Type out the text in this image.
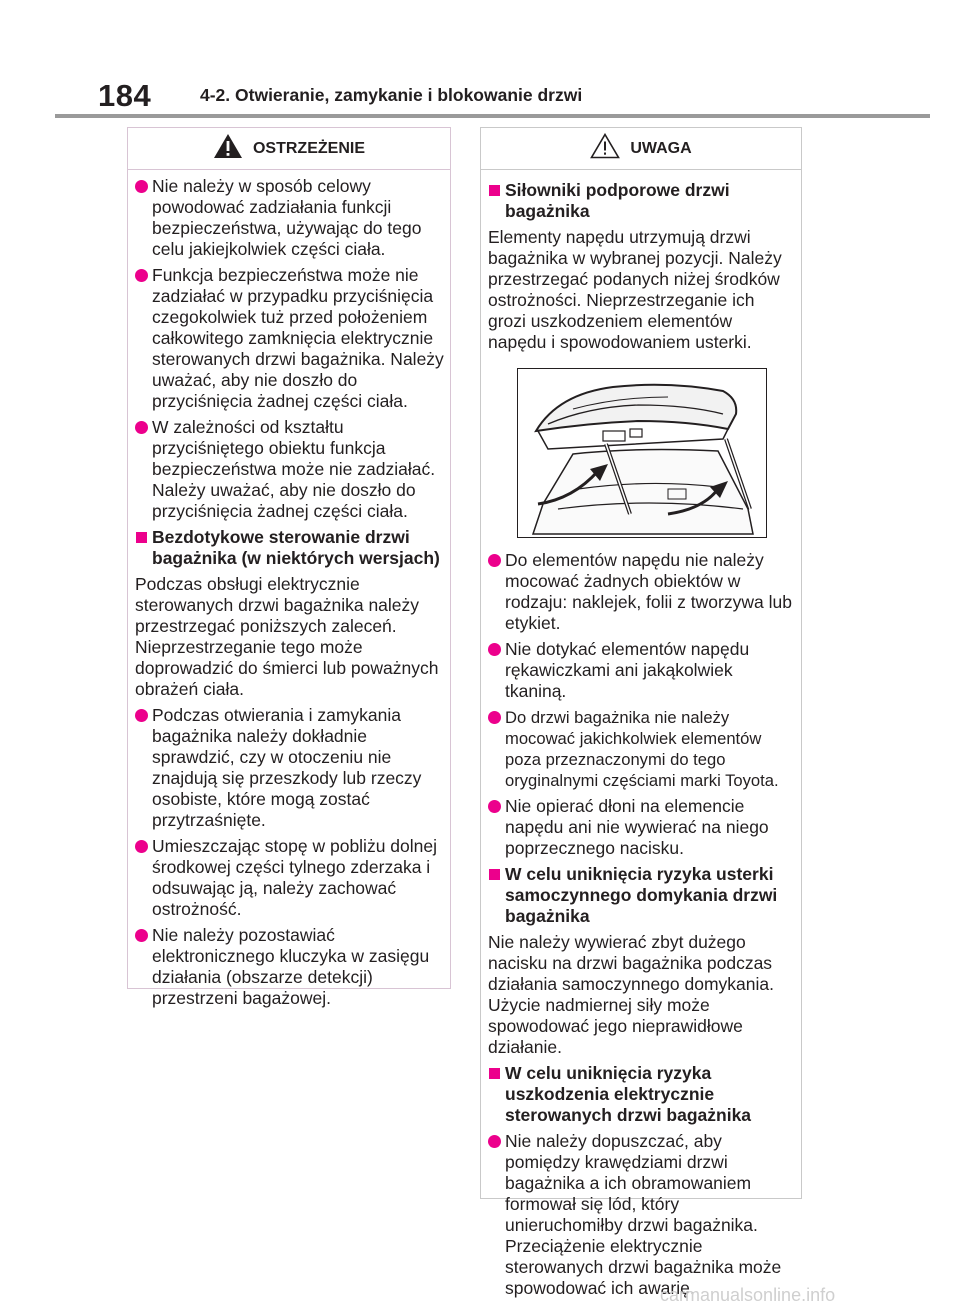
184	4-2. Otwieranie, zamykanie i blokowanie drzwi
OSTRZEŻENIE
Nie należy w sposób celowy powodować zadziałania funkcji bezpieczeństwa, używając do tego celu jakiejkolwiek części ciała.
Funkcja bezpieczeństwa może nie zadziałać w przypadku przyciśnięcia czegokolwiek tuż przed położeniem całkowitego zamknięcia elektrycznie sterowanych drzwi bagażnika. Należy uważać, aby nie doszło do przyciśnięcia żadnej części ciała.
W zależności od kształtu przyciśniętego obiektu funkcja bezpieczeństwa może nie zadziałać. Należy uważać, aby nie doszło do przyciśnięcia żadnej części ciała.
Bezdotykowe sterowanie drzwi bagażnika (w niektórych wersjach)
Podczas obsługi elektrycznie sterowanych drzwi bagażnika należy przestrzegać poniższych zaleceń. Nieprzestrzeganie tego może doprowadzić do śmierci lub poważnych obrażeń ciała.
Podczas otwierania i zamykania bagażnika należy dokładnie sprawdzić, czy w otoczeniu nie znajdują się przeszkody lub rzeczy osobiste, które mogą zostać przytrzaśnięte.
Umieszczając stopę w pobliżu dolnej środkowej części tylnego zderzaka i odsuwając ją, należy zachować ostrożność.
Nie należy pozostawiać elektronicznego kluczyka w zasięgu działania (obszarze detekcji) przestrzeni bagażowej.
UWAGA
Siłowniki podporowe drzwi bagażnika
Elementy napędu utrzymują drzwi bagażnika w wybranej pozycji. Należy przestrzegać podanych niżej środków ostrożności. Nieprzestrzeganie ich grozi uszkodzeniem elementów napędu i spowodowaniem usterki.
Do elementów napędu nie należy mocować żadnych obiektów w rodzaju: naklejek, folii z tworzywa lub etykiet.
Nie dotykać elementów napędu rękawiczkami ani jakąkolwiek tkaniną.
Do drzwi bagażnika nie należy mocować jakichkolwiek elementów poza przeznaczonymi do tego oryginalnymi częściami marki Toyota.
Nie opierać dłoni na elemencie napędu ani nie wywierać na niego poprzecznego nacisku.
W celu uniknięcia ryzyka usterki samoczynnego domykania drzwi bagażnika
Nie należy wywierać zbyt dużego nacisku na drzwi bagażnika podczas działania samoczynnego domykania. Użycie nadmiernej siły może spowodować jego nieprawidłowe działanie.
W celu uniknięcia ryzyka uszkodzenia elektrycznie sterowanych drzwi bagażnika
Nie należy dopuszczać, aby pomiędzy krawędziami drzwi bagażnika a ich obramowaniem formował się lód, który unieruchomiłby drzwi bagażnika. Przeciążenie elektrycznie sterowanych drzwi bagażnika może spowodować ich awarię.
carmanualsonline.info
